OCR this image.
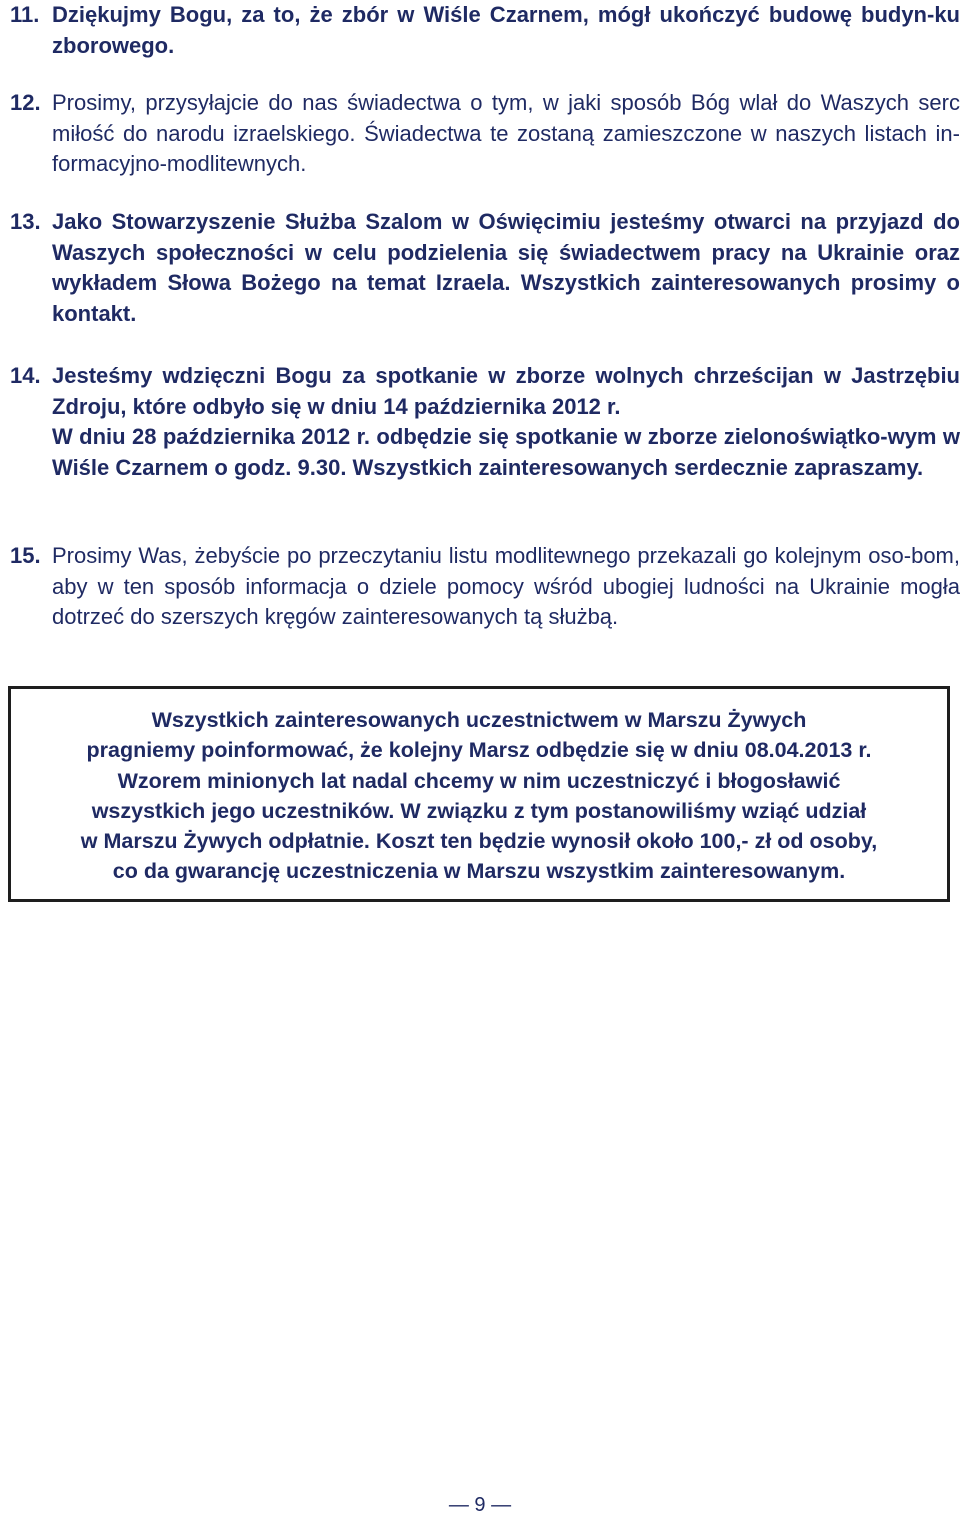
11. Dziękujmy Bogu, za to, że zbór w Wiśle Czarnem, mógł ukończyć budowę budyn-ku zborowego.

12. Prosimy, przysyłajcie do nas świadectwa o tym, w jaki sposób Bóg wlał do Waszych serc miłość do narodu izraelskiego. Świadectwa te zostaną zamieszczone w naszych listach in-formacyjno-modlitewnych.

13. Jako Stowarzyszenie Służba Szalom w Oświęcimiu jesteśmy otwarci na przyjazd do Waszych społeczności w celu podzielenia się świadectwem pracy na Ukrainie oraz wykładem Słowa Bożego na temat Izraela. Wszystkich zainteresowanych prosimy o kontakt.

14. Jesteśmy wdzięczni Bogu za spotkanie w zborze wolnych chrześcijan w Jastrzębiu Zdroju, które odbyło się w dniu 14 października 2012 r.

W dniu 28 października 2012 r. odbędzie się spotkanie w zborze zielonoświątko-wym w Wiśle Czarnem o godz. 9.30. Wszystkich zainteresowanych serdecznie zapraszamy.

15. Prosimy Was, żebyście po przeczytaniu listu modlitewnego przekazali go kolejnym oso-bom, aby w ten sposób informacja o dziele pomocy wśród ubogiej ludności na Ukrainie mogła dotrzeć do szerszych kręgów zainteresowanych tą służbą.

Wszystkich zainteresowanych uczestnictwem w Marszu Żywych

pragniemy poinformować, że kolejny Marsz odbędzie się w dniu 08.04.2013 r.

Wzorem minionych lat nadal chcemy w nim uczestniczyć i błogosławić

wszystkich jego uczestników. W związku z tym postanowiliśmy wziąć udział

w Marszu Żywych odpłatnie. Koszt ten będzie wynosił około 100,- zł od osoby,

co da gwarancję uczestniczenia w Marszu wszystkim zainteresowanym.

— 9 —
